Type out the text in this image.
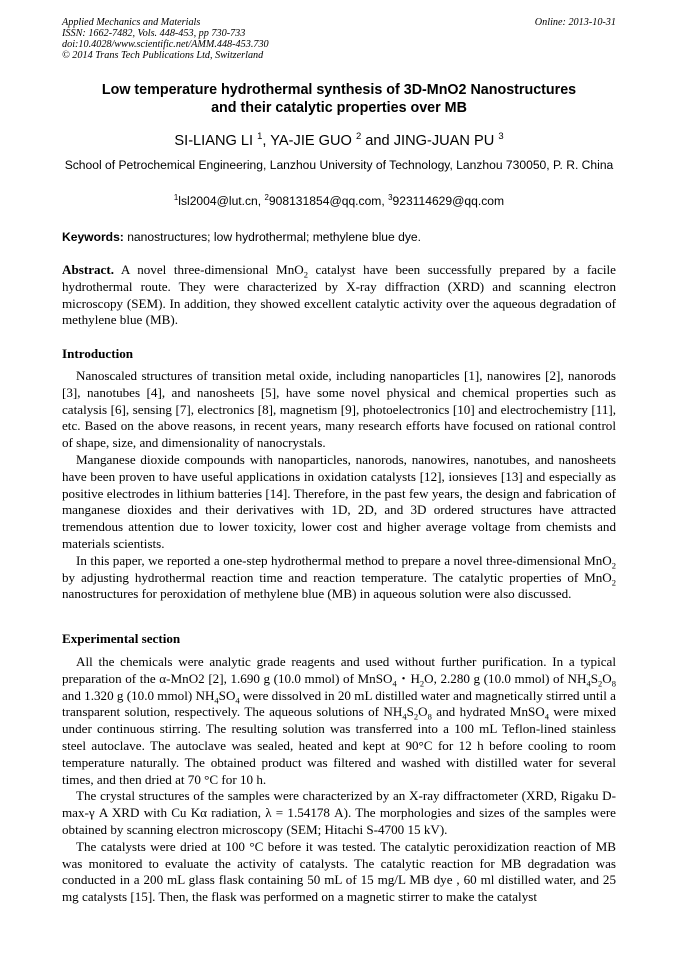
Applied Mechanics and Materials
ISSN: 1662-7482, Vols. 448-453, pp 730-733
doi:10.4028/www.scientific.net/AMM.448-453.730
© 2014 Trans Tech Publications Ltd, Switzerland
Online: 2013-10-31
Low temperature hydrothermal synthesis of 3D-MnO2 Nanostructures
and their catalytic properties over MB
SI-LIANG LI $^1$, YA-JIE GUO $^2$ and JING-JUAN PU $^3$
School of Petrochemical Engineering, Lanzhou University of Technology, Lanzhou 730050, P. R. China
$^1$lsl2004@lut.cn, $^2$908131854@qq.com, $^3$923114629@qq.com
Keywords: nanostructures; low hydrothermal; methylene blue dye.
Abstract. A novel three-dimensional MnO$_2$ catalyst have been successfully prepared by a facile hydrothermal route. They were characterized by X-ray diffraction (XRD) and scanning electron microscopy (SEM). In addition, they showed excellent catalytic activity over the aqueous degradation of methylene blue (MB).
Introduction

Nanoscaled structures of transition metal oxide, including nanoparticles [1], nanowires [2], nanorods [3], nanotubes [4], and nanosheets [5], have some novel physical and chemical properties such as catalysis [6], sensing [7], electronics [8], magnetism [9], photoelectronics [10] and electrochemistry [11], etc. Based on the above reasons, in recent years, many research efforts have focused on rational control of shape, size, and dimensionality of nanocrystals.

Manganese dioxide compounds with nanoparticles, nanorods, nanowires, nanotubes, and nanosheets have been proven to have useful applications in oxidation catalysts [12], ionsieves [13] and especially as positive electrodes in lithium batteries [14]. Therefore, in the past few years, the design and fabrication of manganese dioxides and their derivatives with 1D, 2D, and 3D ordered structures have attracted tremendous attention due to lower toxicity, lower cost and higher average voltage from chemists and materials scientists.

In this paper, we reported a one-step hydrothermal method to prepare a novel three-dimensional MnO$_2$ by adjusting hydrothermal reaction time and reaction temperature. The catalytic properties of MnO$_2$ nanostructures for peroxidation of methylene blue (MB) in aqueous solution were also discussed.

Experimental section

All the chemicals were analytic grade reagents and used without further purification. In a typical preparation of the α-MnO2 [2], 1.690 g (10.0 mmol) of MnSO$_4$・$H_2O$, 2.280 g (10.0 mmol) of $NH_4S_2O_8$ and 1.320 g (10.0 mmol) $NH_4SO_4$ were dissolved in 20 mL distilled water and magnetically stirred until a transparent solution, respectively. The aqueous solutions of $NH_4S_2O_8$ and hydrated MnSO$_4$ were mixed under continuous stirring. The resulting solution was transferred into a 100 mL Teflon-lined stainless steel autoclave. The autoclave was sealed, heated and kept at 90°C for 12 h before cooling to room temperature naturally. The obtained product was filtered and washed with distilled water for several times, and then dried at 70 °C for 10 h.

The crystal structures of the samples were characterized by an X-ray diffractometer (XRD, Rigaku D-max-γ A XRD with Cu Kα radiation, λ = 1.54178 A). The morphologies and sizes of the samples were obtained by scanning electron microscopy (SEM; Hitachi S-4700 15 kV).

The catalysts were dried at 100 °C before it was tested. The catalytic peroxidization reaction of MB was monitored to evaluate the activity of catalysts. The catalytic reaction for MB degradation was conducted in a 200 mL glass flask containing 50 mL of 15 mg/L MB dye , 60 ml distilled water, and 25 mg catalysts [15]. Then, the flask was performed on a magnetic stirrer to make the catalyst
